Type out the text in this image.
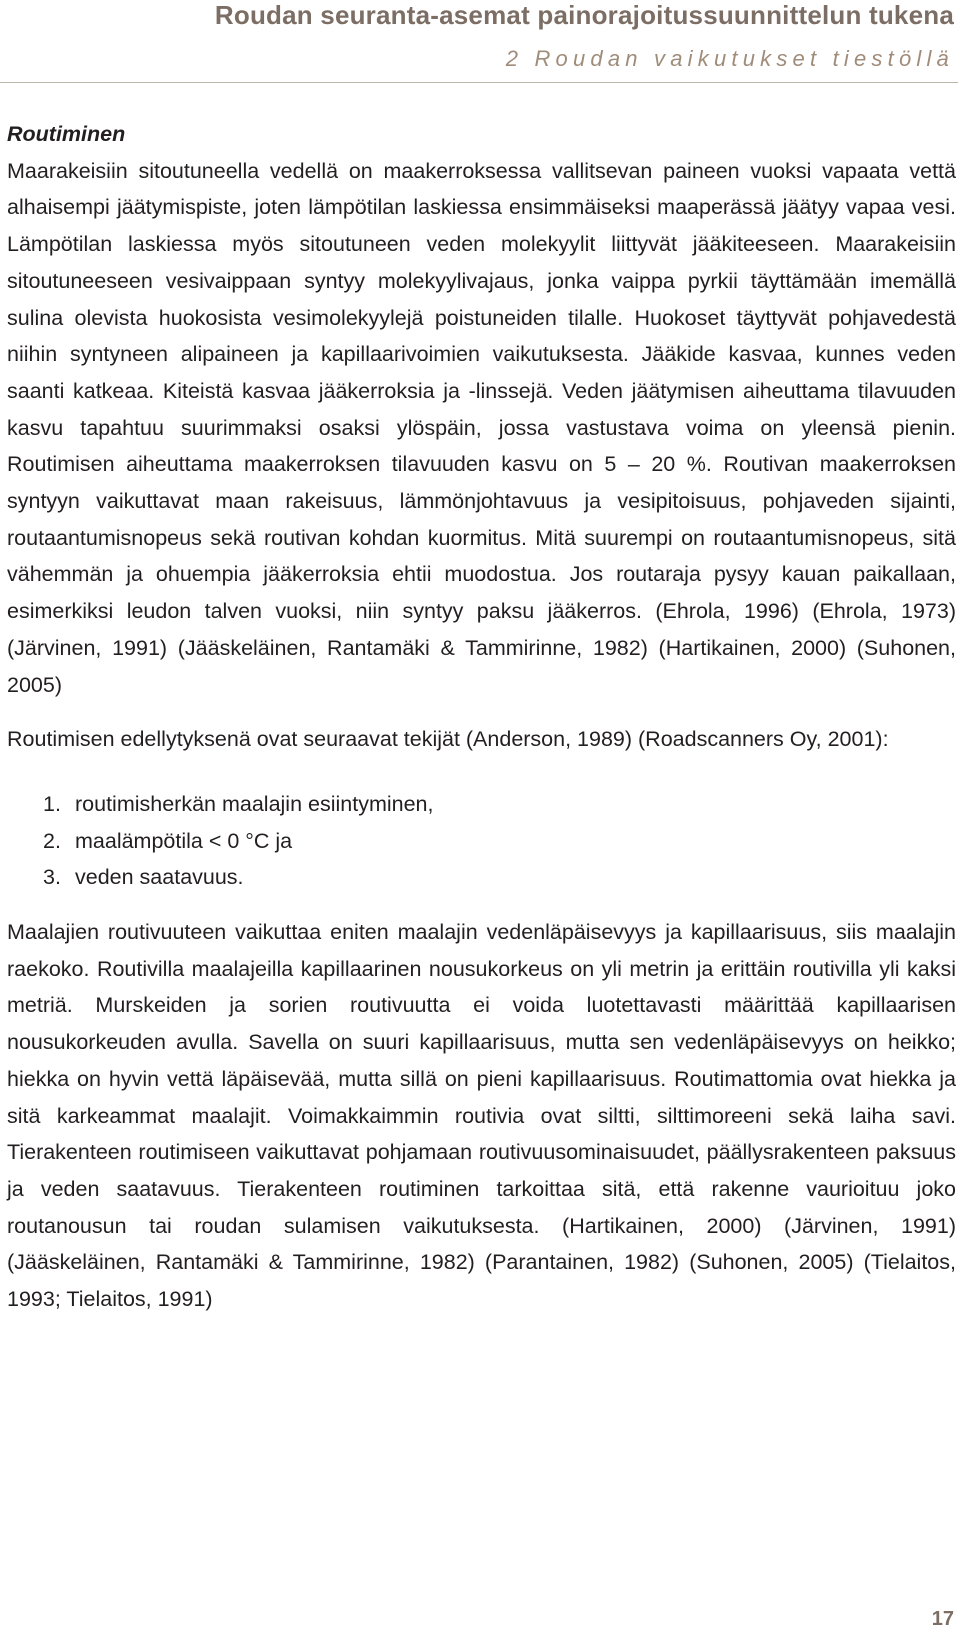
Roudan seuranta-asemat painorajoitussuunnittelun tukena
2 Roudan vaikutukset tiestöllä

Routiminen

Maarakeisiin sitoutuneella vedellä on maakerroksessa vallitsevan paineen vuoksi vapaata vettä alhaisempi jäätymispiste, joten lämpötilan laskiessa ensimmäiseksi maaperässä jäätyy vapaa vesi. Lämpötilan laskiessa myös sitoutuneen veden molekyylit liittyvät jääkiteeseen. Maarakeisiin sitoutuneeseen vesivaippaan syntyy molekyylivajaus, jonka vaippa pyrkii täyttämään imemällä sulina olevista huokosista vesimolekyylejä poistuneiden tilalle. Huokoset täyttyvät pohjavedestä niihin syntyneen alipaineen ja kapillaarivoimien vaikutuksesta. Jääkide kasvaa, kunnes veden saanti katkeaa. Kiteistä kasvaa jääkerroksia ja -linssejä. Veden jäätymisen aiheuttama tilavuuden kasvu tapahtuu suurimmaksi osaksi ylöspäin, jossa vastustava voima on yleensä pienin. Routimisen aiheuttama maakerroksen tilavuuden kasvu on 5 – 20 %. Routivan maakerroksen syntyyn vaikuttavat maan rakeisuus, lämmönjohtavuus ja vesipitoisuus, pohjaveden sijainti, routaantumisnopeus sekä routivan kohdan kuormitus. Mitä suurempi on routaantumisnopeus, sitä vähemmän ja ohuempia jääkerroksia ehtii muodostua. Jos routaraja pysyy kauan paikallaan, esimerkiksi leudon talven vuoksi, niin syntyy paksu jääkerros. (Ehrola, 1996) (Ehrola, 1973) (Järvinen, 1991) (Jääskeläinen, Rantamäki & Tammirinne, 1982) (Hartikainen, 2000) (Suhonen, 2005)

Routimisen edellytyksenä ovat seuraavat tekijät (Anderson, 1989) (Roadscanners Oy, 2001):

1. routimisherkän maalajin esiintyminen,
2. maalämpötila < 0 °C ja
3. veden saatavuus.

Maalajien routivuuteen vaikuttaa eniten maalajin vedenläpäisevyys ja kapillaarisuus, siis maalajin raekoko. Routivilla maalajeilla kapillaarinen nousukorkeus on yli metrin ja erittäin routivilla yli kaksi metriä. Murskeiden ja sorien routivuutta ei voida luotettavasti määrittää kapillaarisen nousukorkeuden avulla. Savella on suuri kapillaarisuus, mutta sen vedenläpäisevyys on heikko; hiekka on hyvin vettä läpäisevää, mutta sillä on pieni kapillaarisuus. Routimattomia ovat hiekka ja sitä karkeammat maalajit. Voimakkaimmin routivia ovat siltti, silttimoreeni sekä laiha savi. Tierakenteen routimiseen vaikuttavat pohjamaan routivuusominaisuudet, päällysrakenteen paksuus ja veden saatavuus. Tierakenteen routiminen tarkoittaa sitä, että rakenne vaurioituu joko routanousun tai roudan sulamisen vaikutuksesta. (Hartikainen, 2000) (Järvinen, 1991) (Jääskeläinen, Rantamäki & Tammirinne, 1982) (Parantainen, 1982) (Suhonen, 2005) (Tielaitos, 1993; Tielaitos, 1991)

17
